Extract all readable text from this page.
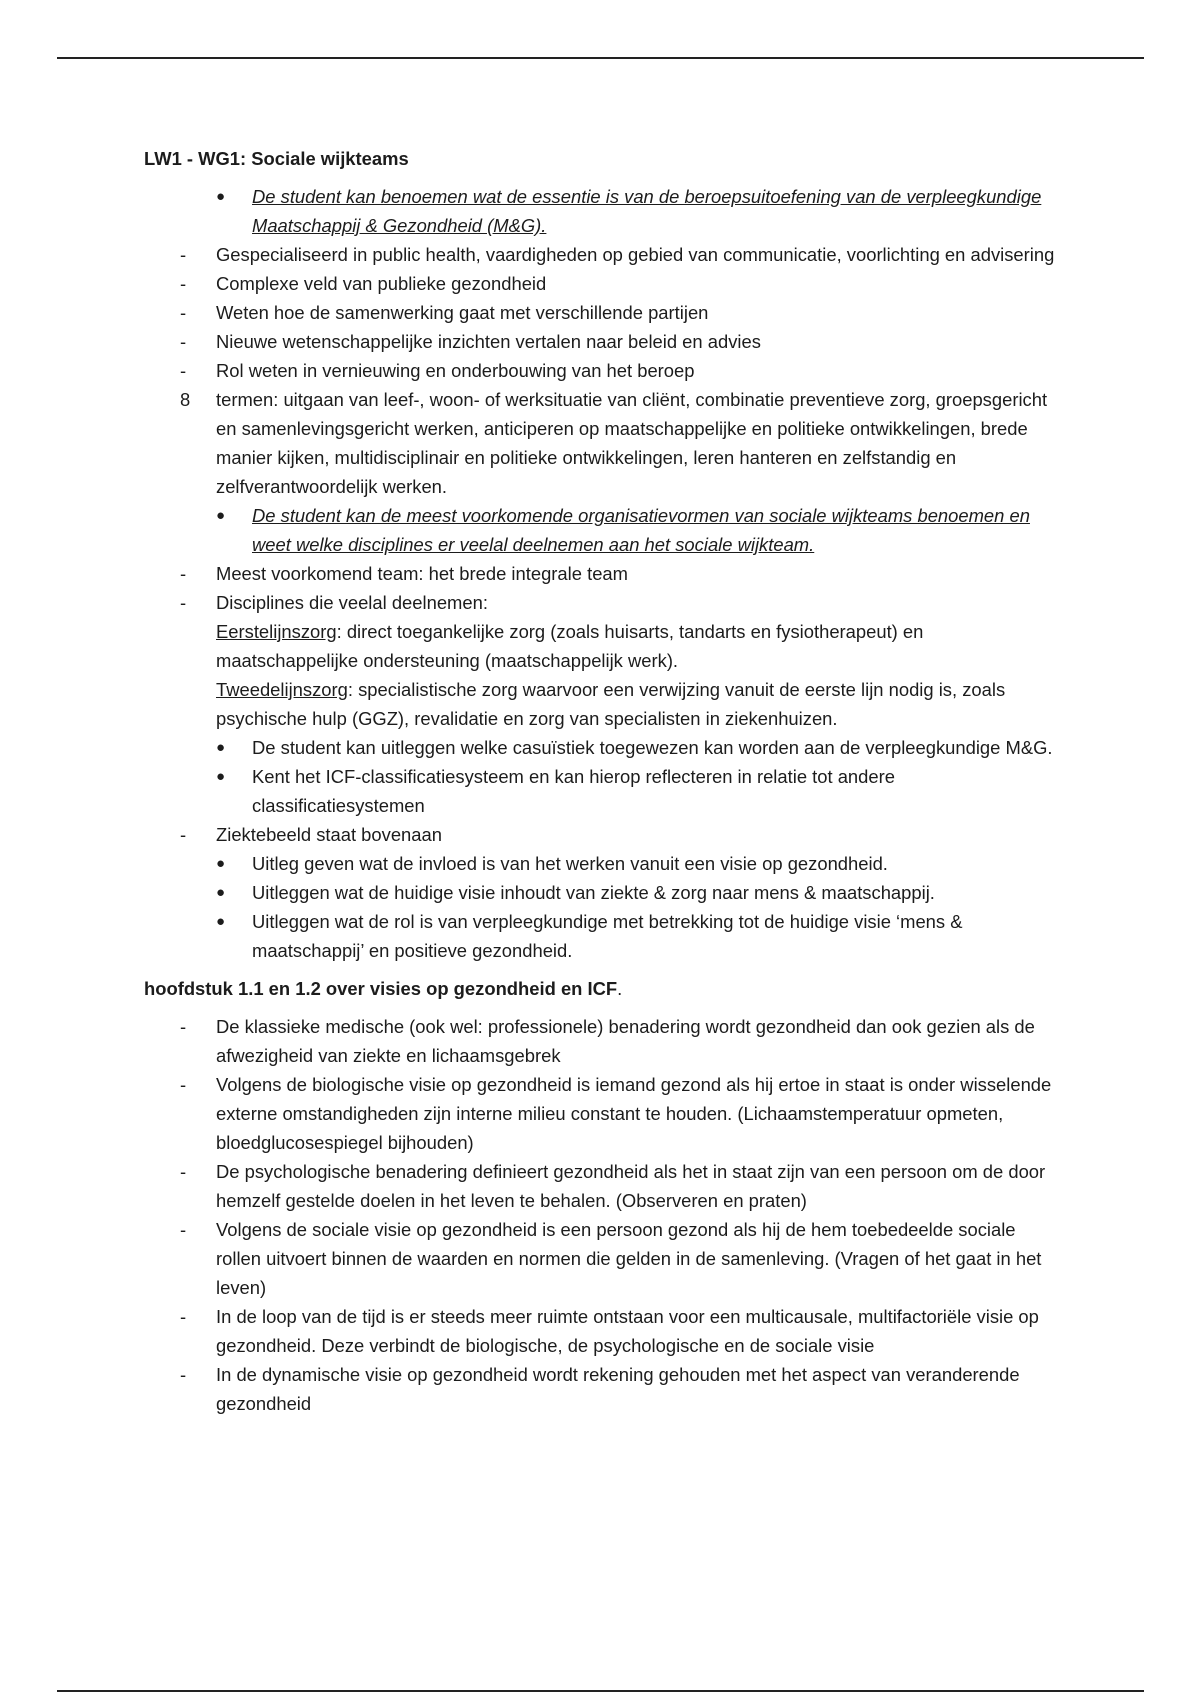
LW1 - WG1: Sociale wijkteams

●	De student kan benoemen wat de essentie is van de beroepsuitoefening van de verpleegkundige Maatschappij & Gezondheid (M&G).
-	Gespecialiseerd in public health, vaardigheden op gebied van communicatie, voorlichting en advisering
-	Complexe veld van publieke gezondheid
-	Weten hoe de samenwerking gaat met verschillende partijen
-	Nieuwe wetenschappelijke inzichten vertalen naar beleid en advies
-	Rol weten in vernieuwing en onderbouwing van het beroep
8	termen: uitgaan van leef-, woon- of werksituatie van cliënt, combinatie preventieve zorg, groepsgericht en samenlevingsgericht werken, anticiperen op maatschappelijke en politieke ontwikkelingen, brede manier kijken, multidisciplinair en politieke ontwikkelingen, leren hanteren en zelfstandig en zelfverantwoordelijk werken.
●	De student kan de meest voorkomende organisatievormen van sociale wijkteams benoemen en weet welke disciplines er veelal deelnemen aan het sociale wijkteam.
-	Meest voorkomend team: het brede integrale team
-	Disciplines die veelal deelnemen:
Eerstelijnszorg: direct toegankelijke zorg (zoals huisarts, tandarts en fysiotherapeut) en maatschappelijke ondersteuning (maatschappelijk werk).
Tweedelijnszorg: specialistische zorg waarvoor een verwijzing vanuit de eerste lijn nodig is, zoals psychische hulp (GGZ), revalidatie en zorg van specialisten in ziekenhuizen.
●	De student kan uitleggen welke casuïstiek toegewezen kan worden aan de verpleegkundige M&G.
●	Kent het ICF-classificatiesysteem en kan hierop reflecteren in relatie tot andere classificatiesystemen
-	Ziektebeeld staat bovenaan
●	Uitleg geven wat de invloed is van het werken vanuit een visie op gezondheid.
●	Uitleggen wat de huidige visie inhoudt van ziekte & zorg naar mens & maatschappij.
●	Uitleggen wat de rol is van verpleegkundige met betrekking tot de huidige visie ‘mens & maatschappij’ en positieve gezondheid.

hoofdstuk 1.1 en 1.2 over visies op gezondheid en ICF.

-	De klassieke medische (ook wel: professionele) benadering wordt gezondheid dan ook gezien als de afwezigheid van ziekte en lichaamsgebrek
-	Volgens de biologische visie op gezondheid is iemand gezond als hij ertoe in staat is onder wisselende externe omstandigheden zijn interne milieu constant te houden. (Lichaamstemperatuur opmeten, bloedglucosespiegel bijhouden)
-	De psychologische benadering definieert gezondheid als het in staat zijn van een persoon om de door hemzelf gestelde doelen in het leven te behalen. (Observeren en praten)
-	Volgens de sociale visie op gezondheid is een persoon gezond als hij de hem toebedeelde sociale rollen uitvoert binnen de waarden en normen die gelden in de samenleving. (Vragen of het gaat in het leven)
-	In de loop van de tijd is er steeds meer ruimte ontstaan voor een multicausale, multifactoriële visie op gezondheid. Deze verbindt de biologische, de psychologische en de sociale visie
-	In de dynamische visie op gezondheid wordt rekening gehouden met het aspect van veranderende gezondheid
